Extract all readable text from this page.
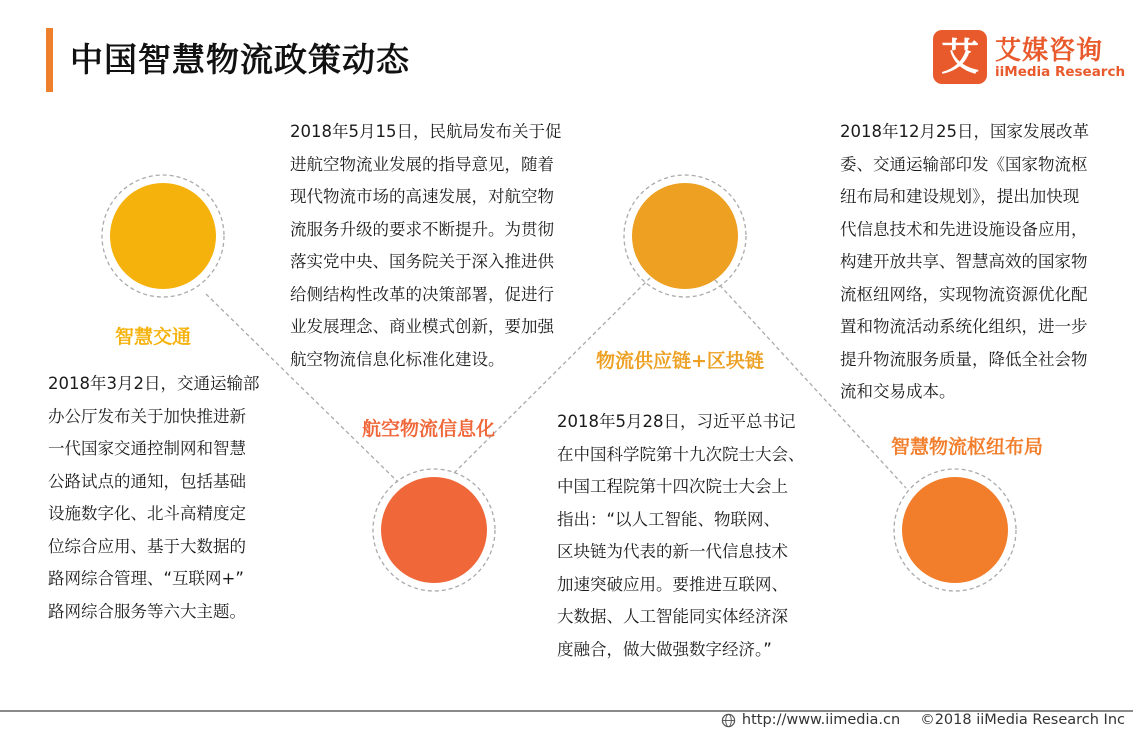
中国智慧物流政策动态	艾 艾媒咨询
iiMedia Research
智慧交通
航空物流信息化
物流供应链+区块链
智慧物流枢纽布局
2018年3月2日，交通运输部
办公厅发布关于加快推进新
一代国家交通控制网和智慧
公路试点的通知，包括基础
设施数字化、北斗高精度定
位综合应用、基于大数据的
路网综合管理、“互联网+”
路网综合服务等六大主题。
2018年5月15日，民航局发布关于促
进航空物流业发展的指导意见，随着
现代物流市场的高速发展，对航空物
流服务升级的要求不断提升。为贯彻
落实党中央、国务院关于深入推进供
给侧结构性改革的决策部署，促进行
业发展理念、商业模式创新，要加强
航空物流信息化标准化建设。
2018年5月28日，习近平总书记
在中国科学院第十九次院士大会、
中国工程院第十四次院士大会上
指出：“以人工智能、物联网、
区块链为代表的新一代信息技术
加速突破应用。要推进互联网、
大数据、人工智能同实体经济深
度融合，做大做强数字经济。”
2018年12月25日，国家发展改革
委、交通运输部印发《国家物流枢
纽布局和建设规划》，提出加快现
代信息技术和先进设施设备应用，
构建开放共享、智慧高效的国家物
流枢纽网络，实现物流资源优化配
置和物流活动系统化组织，进一步
提升物流服务质量，降低全社会物
流和交易成本。
http://www.iimedia.cn ©2018 iiMedia Research Inc
